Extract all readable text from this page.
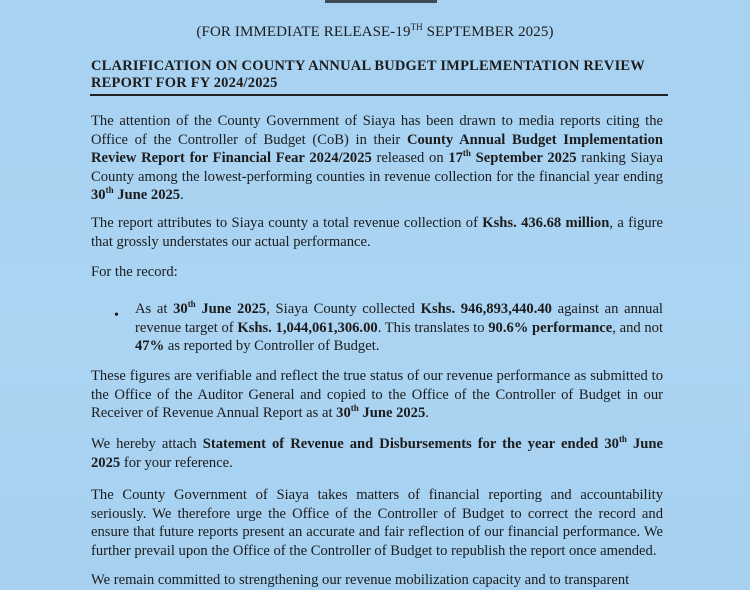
(FOR IMMEDIATE RELEASE-19TH SEPTEMBER 2025)
CLARIFICATION ON COUNTY ANNUAL BUDGET IMPLEMENTATION REVIEW
REPORT FOR FY 2024/2025
The attention of the County Government of Siaya has been drawn to media reports citing the Office of the Controller of Budget (CoB) in their County Annual Budget Implementation Review Report for Financial Fear 2024/2025 released on 17th September 2025 ranking Siaya County among the lowest-performing counties in revenue collection for the financial year ending 30th June 2025.
The report attributes to Siaya county a total revenue collection of Kshs. 436.68 million, a figure that grossly understates our actual performance.
For the record:
•	As at 30th June 2025, Siaya County collected Kshs. 946,893,440.40 against an annual revenue target of Kshs. 1,044,061,306.00. This translates to 90.6% performance, and not 47% as reported by Controller of Budget.
These figures are verifiable and reflect the true status of our revenue performance as submitted to the Office of the Auditor General and copied to the Office of the Controller of Budget in our Receiver of Revenue Annual Report as at 30th June 2025.
We hereby attach Statement of Revenue and Disbursements for the year ended 30th June 2025 for your reference.
The County Government of Siaya takes matters of financial reporting and accountability seriously. We therefore urge the Office of the Controller of Budget to correct the record and ensure that future reports present an accurate and fair reflection of our financial performance. We further prevail upon the Office of the Controller of Budget to republish the report once amended.
We remain committed to strengthening our revenue mobilization capacity and to transparent
